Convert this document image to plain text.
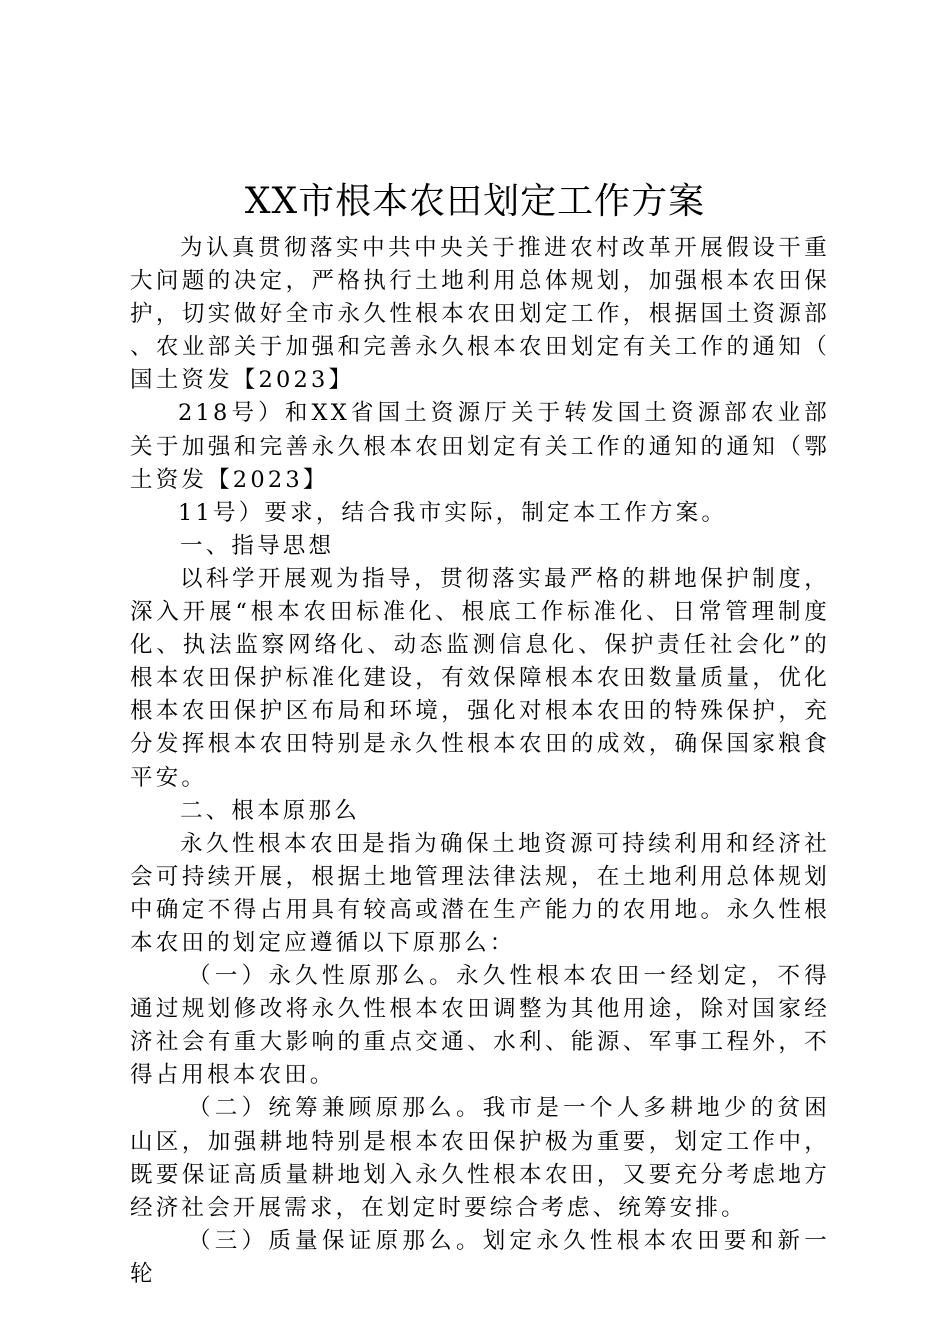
XX市根本农田划定工作方案

为认真贯彻落实中共中央关于推进农村改革开展假设干重大问题的决定，严格执行土地利用总体规划，加强根本农田保护，切实做好全市永久性根本农田划定工作，根据国土资源部、农业部关于加强和完善永久根本农田划定有关工作的通知（国土资发【2023】

218号）和XX省国土资源厅关于转发国土资源部农业部关于加强和完善永久根本农田划定有关工作的通知的通知（鄂土资发【2023】

11号）要求，结合我市实际，制定本工作方案。

一、指导思想

以科学开展观为指导，贯彻落实最严格的耕地保护制度，深入开展“根本农田标准化、根底工作标准化、日常管理制度化、执法监察网络化、动态监测信息化、保护责任社会化”的根本农田保护标准化建设，有效保障根本农田数量质量，优化根本农田保护区布局和环境，强化对根本农田的特殊保护，充分发挥根本农田特别是永久性根本农田的成效，确保国家粮食平安。

二、根本原那么

永久性根本农田是指为确保土地资源可持续利用和经济社会可持续开展，根据土地管理法律法规，在土地利用总体规划中确定不得占用具有较高或潜在生产能力的农用地。永久性根本农田的划定应遵循以下原那么：

（一）永久性原那么。永久性根本农田一经划定，不得通过规划修改将永久性根本农田调整为其他用途，除对国家经济社会有重大影响的重点交通、水利、能源、军事工程外，不得占用根本农田。

（二）统筹兼顾原那么。我市是一个人多耕地少的贫困山区，加强耕地特别是根本农田保护极为重要，划定工作中，既要保证高质量耕地划入永久性根本农田，又要充分考虑地方经济社会开展需求，在划定时要综合考虑、统筹安排。

（三）质量保证原那么。划定永久性根本农田要和新一轮
